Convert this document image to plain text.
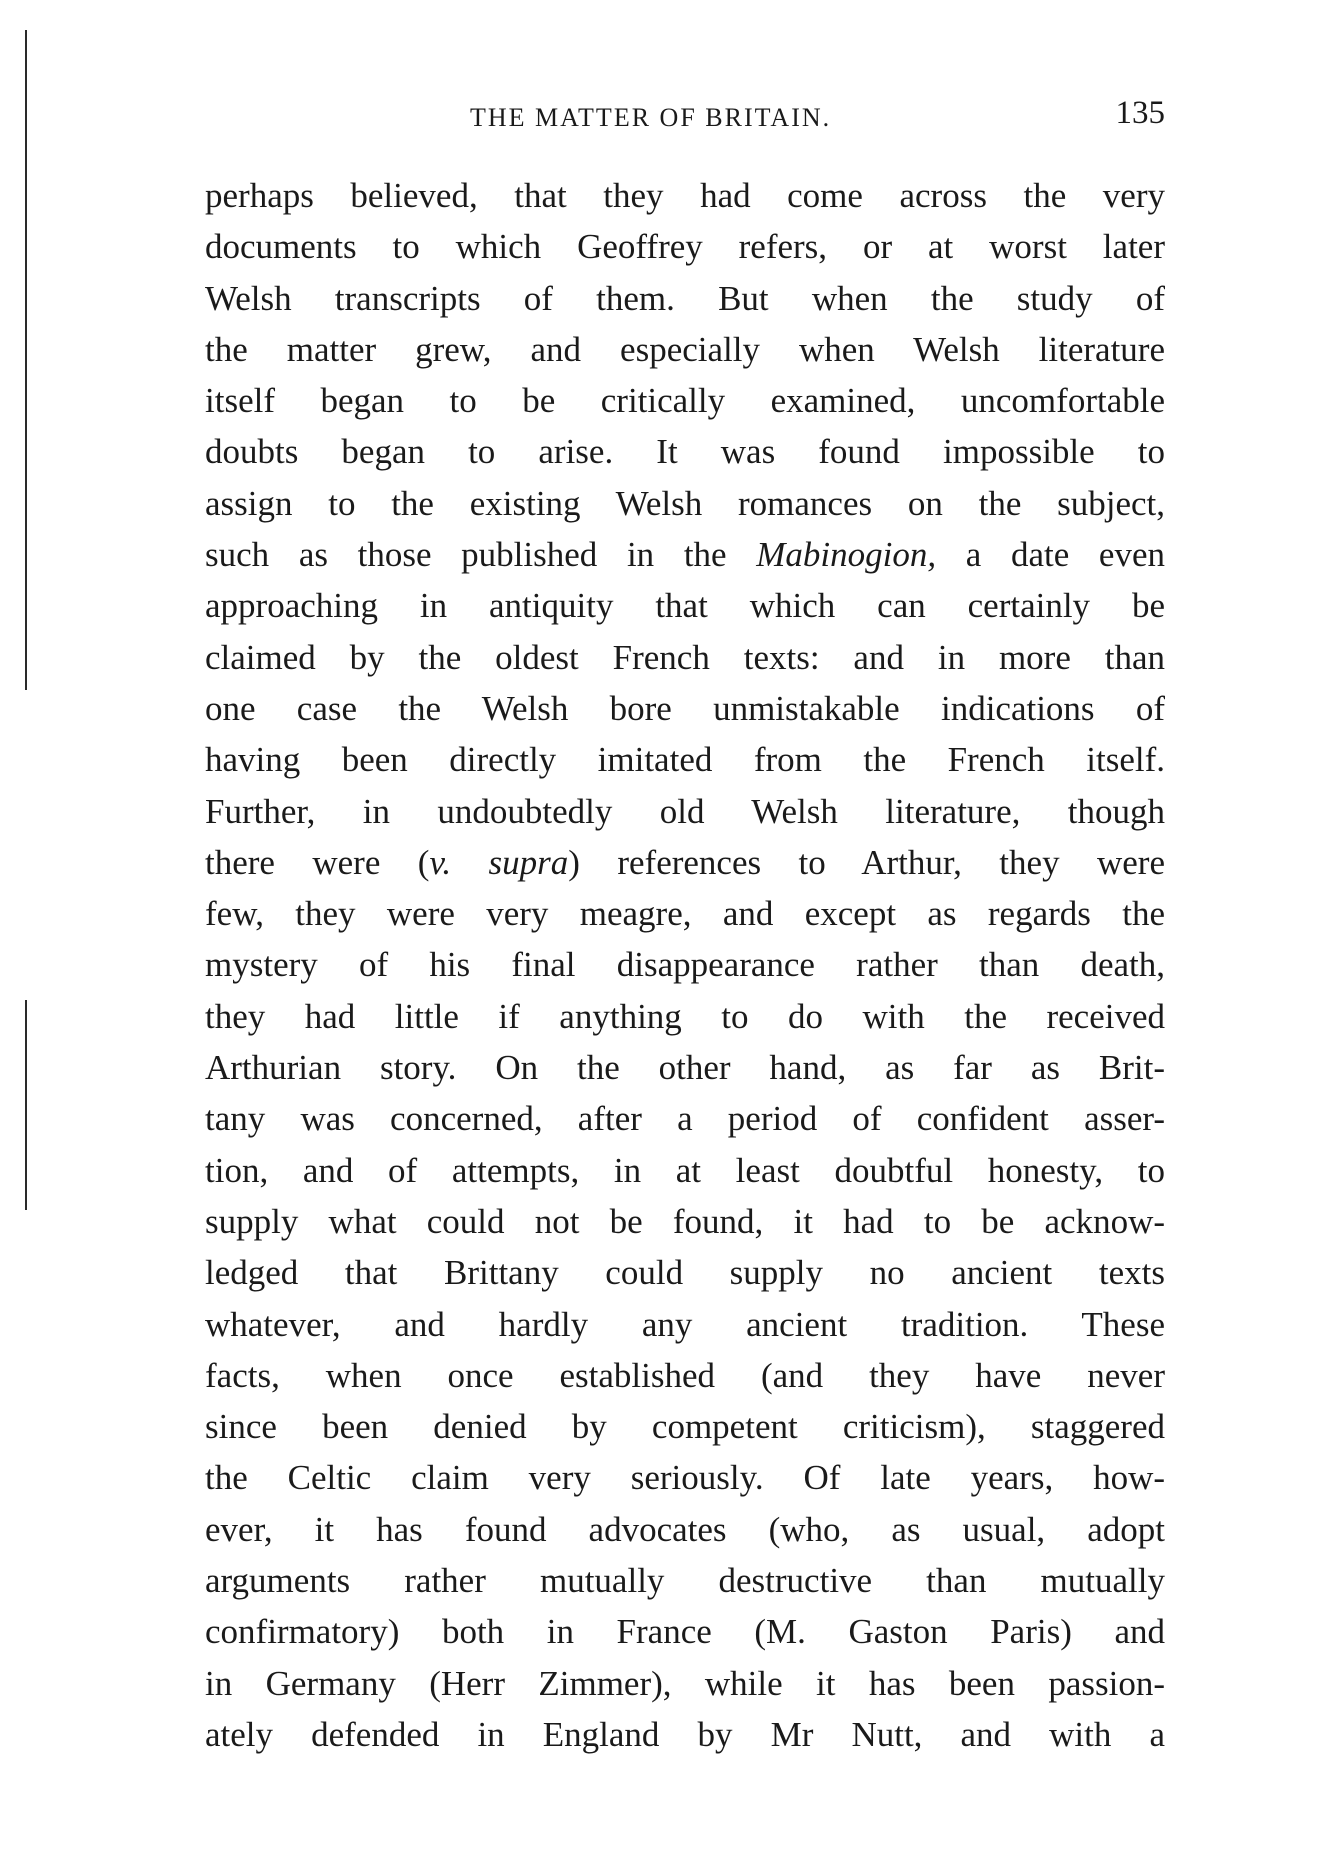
THE MATTER OF BRITAIN.	135
perhaps believed, that they had come across the very
documents to which Geoffrey refers, or at worst later
Welsh transcripts of them. But when the study of
the matter grew, and especially when Welsh literature
itself began to be critically examined, uncomfortable
doubts began to arise. It was found impossible to
assign to the existing Welsh romances on the subject,
such as those published in the Mabinogion, a date even
approaching in antiquity that which can certainly be
claimed by the oldest French texts: and in more than
one case the Welsh bore unmistakable indications of
having been directly imitated from the French itself.
Further, in undoubtedly old Welsh literature, though
there were (v. supra) references to Arthur, they were
few, they were very meagre, and except as regards the
mystery of his final disappearance rather than death,
they had little if anything to do with the received
Arthurian story. On the other hand, as far as Brit-
tany was concerned, after a period of confident asser-
tion, and of attempts, in at least doubtful honesty, to
supply what could not be found, it had to be acknow-
ledged that Brittany could supply no ancient texts
whatever, and hardly any ancient tradition. These
facts, when once established (and they have never
since been denied by competent criticism), staggered
the Celtic claim very seriously. Of late years, how-
ever, it has found advocates (who, as usual, adopt
arguments rather mutually destructive than mutually
confirmatory) both in France (M. Gaston Paris) and
in Germany (Herr Zimmer), while it has been passion-
ately defended in England by Mr Nutt, and with a
